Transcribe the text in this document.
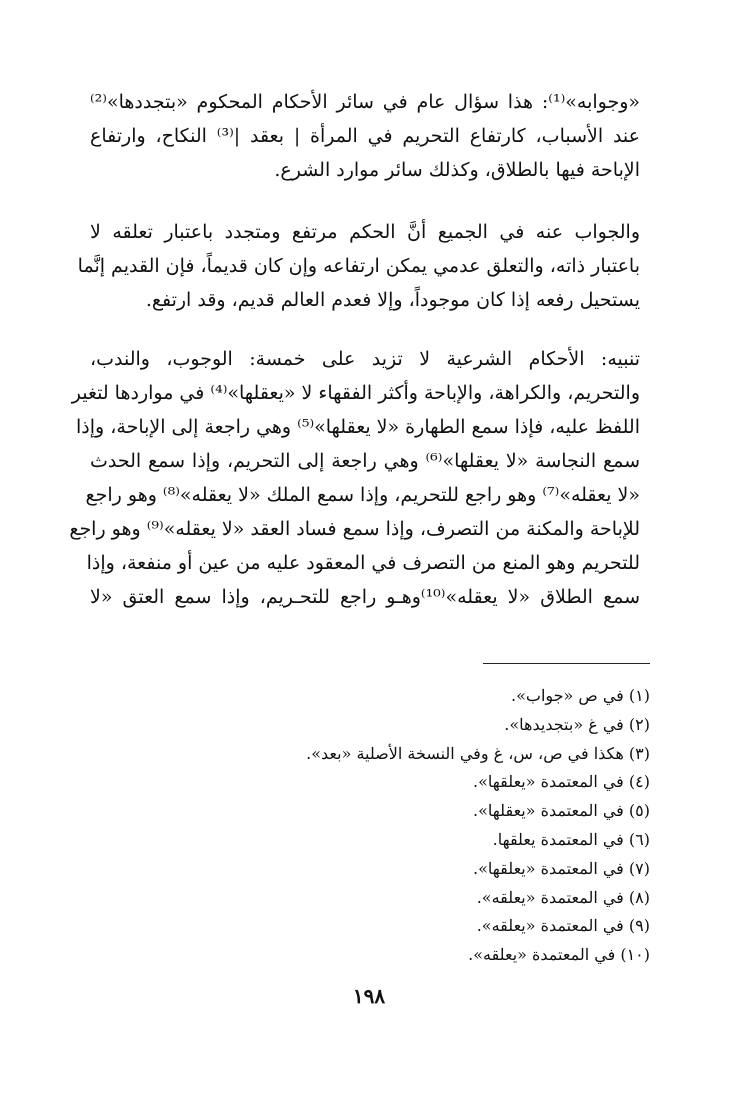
«وجوابه»⁽¹⁾: هذا سؤال عام في سائر الأحكام المحكوم «بتجددها»⁽²⁾
عند الأسباب، كارتفاع التحريم في المرأة | بعقد |⁽³⁾ النكاح، وارتفاع
الإباحة فيها بالطلاق، وكذلك سائر موارد الشرع.
والجواب عنه في الجميع أنَّ الحكم مرتفع ومتجدد باعتبار تعلقه لا
باعتبار ذاته، والتعلق عدمي يمكن ارتفاعه وإن كان قديماً، فإن القديم إنَّما
يستحيل رفعه إذا كان موجوداً، وإلا فعدم العالم قديم، وقد ارتفع.
تنبيه: الأحكام الشرعية لا تزيد على خمسة: الوجوب، والندب،
والتحريم، والكراهة، والإباحة وأكثر الفقهاء لا «يعقلها»⁽⁴⁾ في مواردها لتغير
اللفظ عليه، فإذا سمع الطهارة «لا يعقلها»⁽⁵⁾ وهي راجعة إلى الإباحة، وإذا
سمع النجاسة «لا يعقلها»⁽⁶⁾ وهي راجعة إلى التحريم، وإذا سمع الحدث
«لا يعقله»⁽⁷⁾ وهو راجع للتحريم، وإذا سمع الملك «لا يعقله»⁽⁸⁾ وهو راجع
للإباحة والمكنة من التصرف، وإذا سمع فساد العقد «لا يعقله»⁽⁹⁾ وهو راجع
للتحريم وهو المنع من التصرف في المعقود عليه من عين أو منفعة، وإذا
سمع الطلاق «لا يعقله»⁽¹⁰⁾وهـو راجع للتحـريم، وإذا سمع العتق «لا
(١) في ص «جواب».
(٢) في غ «بتجديدها».
(٣) هكذا في ص، س، غ وفي النسخة الأصلية «بعد».
(٤) في المعتمدة «يعلقها».
(٥) في المعتمدة «يعقلها».
(٦) في المعتمدة يعلقها.
(٧) في المعتمدة «يعلقها».
(٨) في المعتمدة «يعلقه».
(٩) في المعتمدة «يعلقه».
(١٠) في المعتمدة «يعلقه».
١٩٨
